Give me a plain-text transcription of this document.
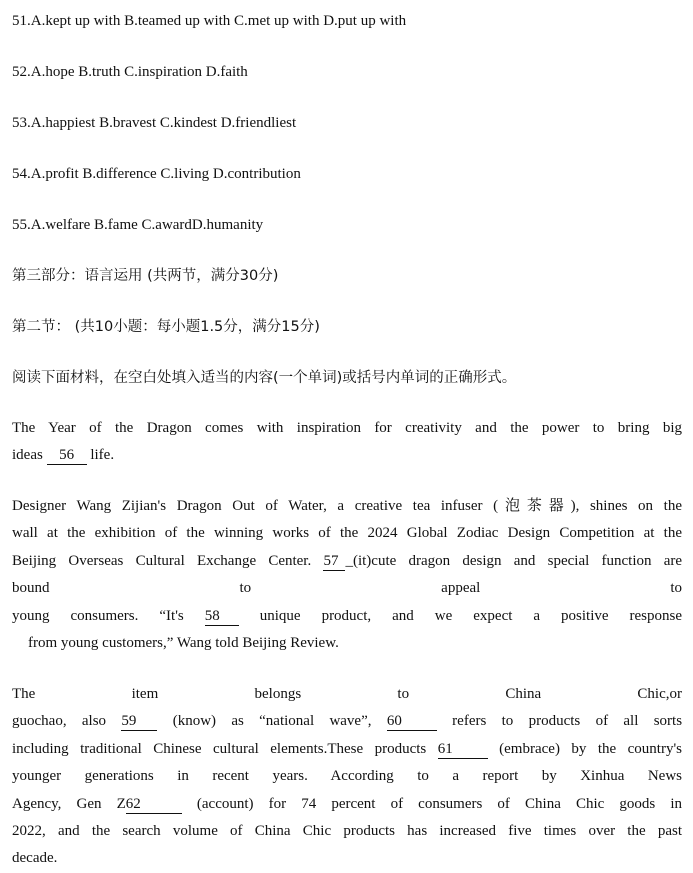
51.A.kept up with B.teamed up with C.met up with D.put up with
52.A.hope B.truth C.inspiration D.faith
53.A.happiest B.bravest C.kindest D.friendliest
54.A.profit B.difference C.living D.contribution
55.A.welfare B.fame C.awardD.humanity
第三部分：语言运用 (共两节，满分30分)
第二节： (共10小题：每小题1.5分，满分15分)
阅读下面材料，在空白处填入适当的内容(一个单词)或括号内单词的正确形式。
The Year of the Dragon comes with inspiration for creativity and the power to bring big
ideas 56 life.
Designer Wang Zijian's Dragon Out of Water, a creative tea infuser (泡茶器), shines on the
wall at the exhibition of the winning works of the 2024 Global Zodiac Design Competition at the
Beijing Overseas Cultural Exchange Center. 57 _(it)cute dragon design and special function are
bound to appeal to
young consumers. “It's 58	unique product, and we expect a positive response
from young customers,” Wang told Beijing Review.
The item belongs to China Chic,or
guochao, also 59 (know) as “national wave”, 60	refers to products of all sorts
including traditional Chinese cultural elements.These products 61	(embrace) by the country's
younger generations in recent years. According to a report by Xinhua News
Agency, Gen Z62	(account) for 74 percent of consumers of China Chic goods in
2022, and the search volume of China Chic products has increased five times over the past
decade.
